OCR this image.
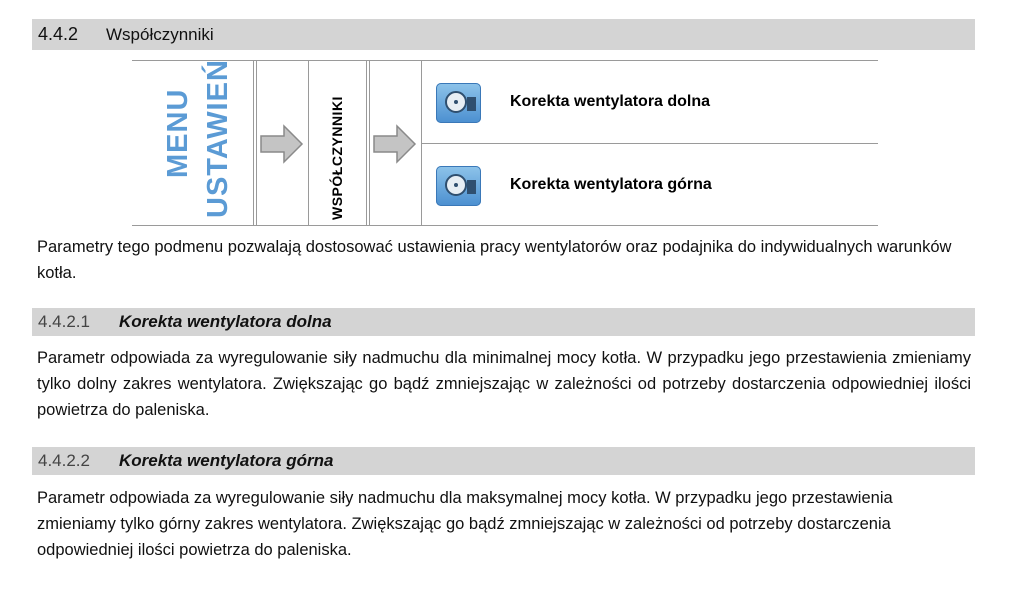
4.4.2 Współczynniki
MENU USTAWIEŃ	WSPÓŁCZYNNIKI	Korekta wentylatora dolna
Korekta wentylatora górna

Parametry tego podmenu pozwalają dostosować ustawienia pracy wentylatorów oraz podajnika do indywidualnych warunków kotła.

4.4.2.1 Korekta wentylatora dolna

Parametr odpowiada za wyregulowanie siły nadmuchu dla minimalnej mocy kotła. W przypadku jego przestawienia zmieniamy tylko dolny zakres wentylatora. Zwiększając go bądź zmniejszając w zależności od potrzeby dostarczenia odpowiedniej ilości powietrza do paleniska.

4.4.2.2 Korekta wentylatora górna

Parametr odpowiada za wyregulowanie siły nadmuchu dla maksymalnej mocy kotła. W przypadku jego przestawienia zmieniamy tylko górny zakres wentylatora. Zwiększając go bądź zmniejszając w zależności od potrzeby dostarczenia odpowiedniej ilości powietrza do paleniska.
